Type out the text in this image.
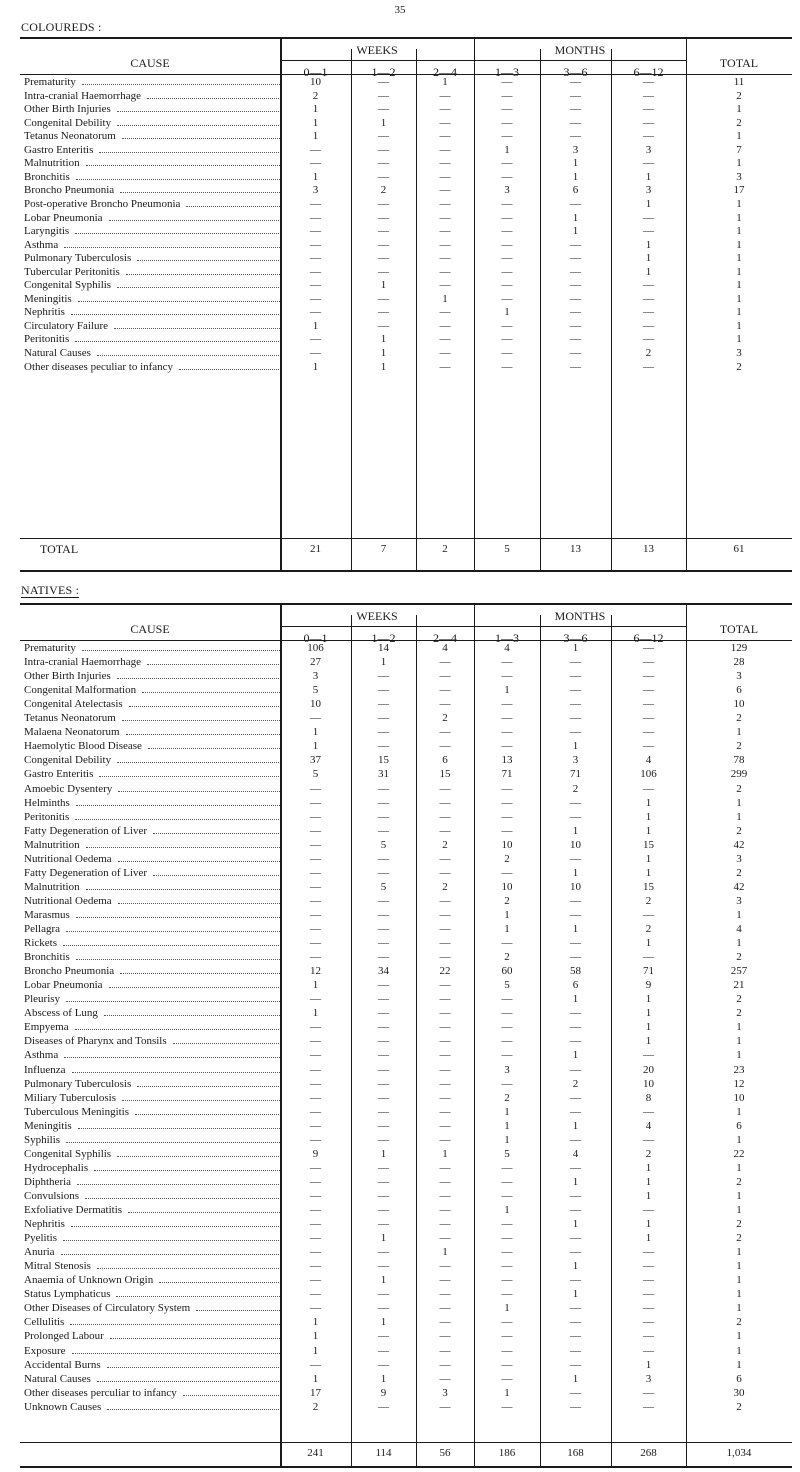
35
COLOUREDS :
CAUSE
WEEKS	MONTHS
TOTAL
0—1	1—2	2—4	1—3	3—6	6—12
Prematurity	10	—	1	—	—	—	11
Intra-cranial Haemorrhage	2	—	—	—	—	—	2
Other Birth Injuries	1	—	—	—	—	—	1
Congenital Debility	1	1	—	—	—	—	2
Tetanus Neonatorum	1	—	—	—	—	—	1
Gastro Enteritis	—	—	—	1	3	3	7
Malnutrition	—	—	—	—	1	—	1
Bronchitis	1	—	—	—	1	1	3
Broncho Pneumonia	3	2	—	3	6	3	17
Post-operative Broncho Pneumonia	—	—	—	—	—	1	1
Lobar Pneumonia	—	—	—	—	1	—	1
Laryngitis	—	—	—	—	1	—	1
Asthma	—	—	—	—	—	1	1
Pulmonary Tuberculosis	—	—	—	—	—	1	1
Tubercular Peritonitis	—	—	—	—	—	1	1
Congenital Syphilis	—	1	—	—	—	—	1
Meningitis	—	—	1	—	—	—	1
Nephritis	—	—	—	1	—	—	1
Circulatory Failure	1	—	—	—	—	—	1
Peritonitis	—	1	—	—	—	—	1
Natural Causes	—	1	—	—	—	2	3
Other diseases peculiar to infancy	1	1	—	—	—	—	2
TOTAL	21	7	2	5	13	13	61
NATIVES :
CAUSE
WEEKS	MONTHS
TOTAL
0—1	1—2	2—4	1—3	3—6	6—12
Prematurity	106	14	4	4	1	—	129
Intra-cranial Haemorrhage	27	1	—	—	—	—	28
Other Birth Injuries	3	—	—	—	—	—	3
Congenital Malformation	5	—	—	1	—	—	6
Congenital Atelectasis	10	—	—	—	—	—	10
Tetanus Neonatorum	—	—	2	—	—	—	2
Malaena Neonatorum	1	—	—	—	—	—	1
Haemolytic Blood Disease	1	—	—	—	1	—	2
Congenital Debility	37	15	6	13	3	4	78
Gastro Enteritis	5	31	15	71	71	106	299
Amoebic Dysentery	—	—	—	—	2	—	2
Helminths	—	—	—	—	—	1	1
Peritonitis	—	—	—	—	—	1	1
Fatty Degeneration of Liver	—	—	—	—	1	1	2
Malnutrition	—	5	2	10	10	15	42
Nutritional Oedema	—	—	—	2	—	1	3
Fatty Degeneration of Liver	—	—	—	—	1	1	2
Malnutrition	—	5	2	10	10	15	42
Nutritional Oedema	—	—	—	2	—	2	3
Marasmus	—	—	—	1	—	—	1
Pellagra	—	—	—	1	1	2	4
Rickets	—	—	—	—	—	1	1
Bronchitis	—	—	—	2	—	—	2
Broncho Pneumonia	12	34	22	60	58	71	257
Lobar Pneumonia	1	—	—	5	6	9	21
Pleurisy	—	—	—	—	1	1	2
Abscess of Lung	1	—	—	—	—	1	2
Empyema	—	—	—	—	—	1	1
Diseases of Pharynx and Tonsils	—	—	—	—	—	1	1
Asthma	—	—	—	—	1	—	1
Influenza	—	—	—	3	—	20	23
Pulmonary Tuberculosis	—	—	—	—	2	10	12
Miliary Tuberculosis	—	—	—	2	—	8	10
Tuberculous Meningitis	—	—	—	1	—	—	1
Meningitis	—	—	—	1	1	4	6
Syphilis	—	—	—	1	—	—	1
Congenital Syphilis	9	1	1	5	4	2	22
Hydrocephalis	—	—	—	—	—	1	1
Diphtheria	—	—	—	—	1	1	2
Convulsions	—	—	—	—	—	1	1
Exfoliative Dermatitis	—	—	—	1	—	—	1
Nephritis	—	—	—	—	1	1	2
Pyelitis	—	1	—	—	—	1	2
Anuria	—	—	1	—	—	—	1
Mitral Stenosis	—	—	—	—	1	—	1
Anaemia of Unknown Origin	—	1	—	—	—	—	1
Status Lymphaticus	—	—	—	—	1	—	1
Other Diseases of Circulatory System	—	—	—	1	—	—	1
Cellulitis	1	1	—	—	—	—	2
Prolonged Labour	1	—	—	—	—	—	1
Exposure	1	—	—	—	—	—	1
Accidental Burns	—	—	—	—	—	1	1
Natural Causes	1	1	—	—	1	3	6
Other diseases perculiar to infancy	17	9	3	1	—	—	30
Unknown Causes	2	—	—	—	—	—	2
241	114	56	186	168	268	1,034
